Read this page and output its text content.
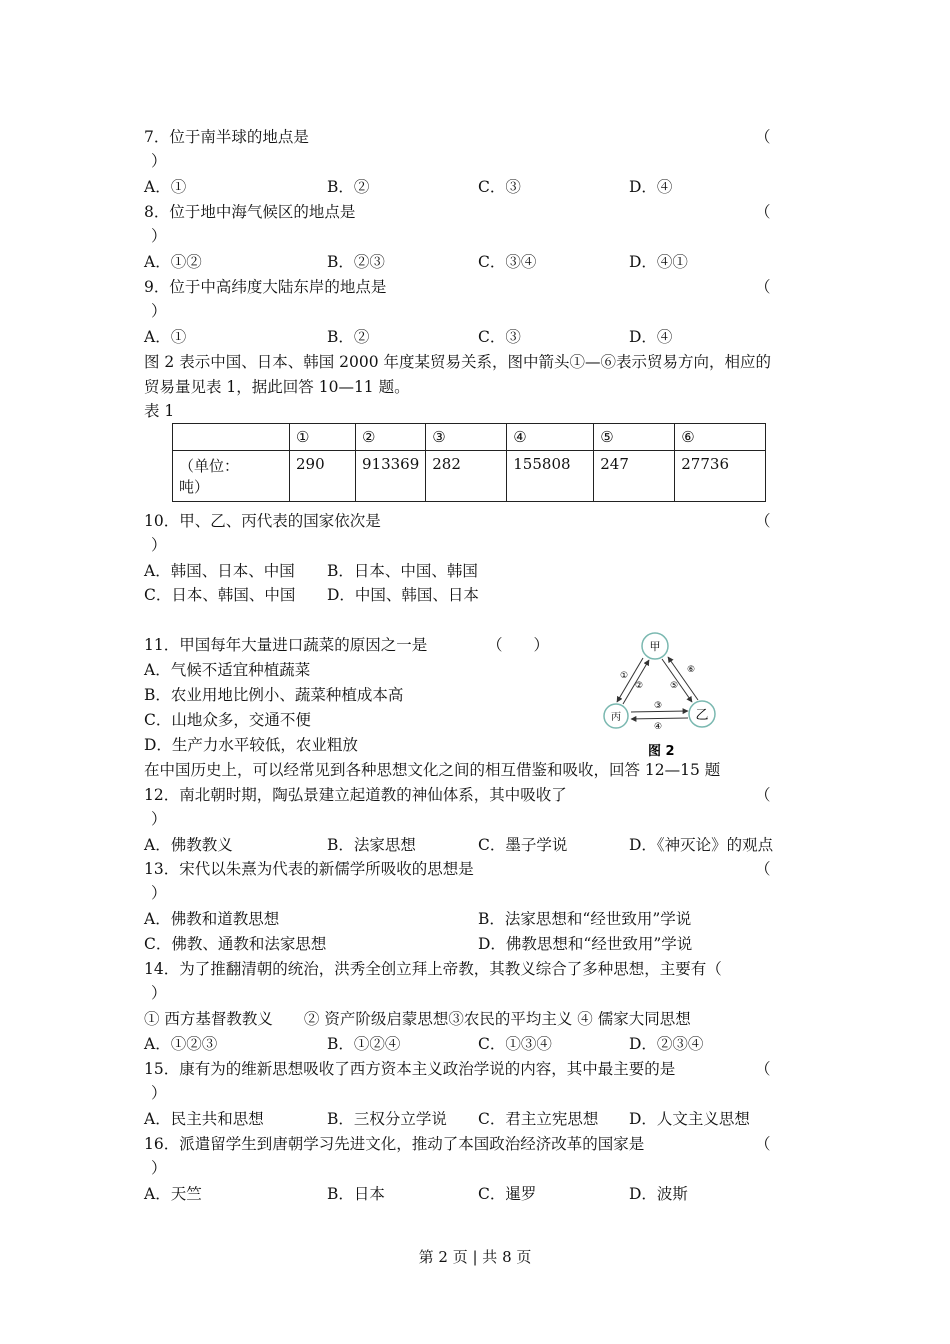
7．位于南半球的地点是	（
）
A．①	B．②	C．③	D．④
8．位于地中海气候区的地点是	（
）
A．①②	B．②③	C．③④	D．④①
9．位于中高纬度大陆东岸的地点是	（
）
A．①	B．②	C．③	D．④
图 2 表示中国、日本、韩国 2000 年度某贸易关系，图中箭头①—⑥表示贸易方向，相应的
贸易量见表 1，据此回答 10—11 题。
表 1
	①	②	③	④	⑤	⑥

（单位：
吨）	290	913369	282	155808	247	27736
10．甲、乙、丙代表的国家依次是	（
）
A．韩国、日本、中国 B．日本、中国、韩国
C．日本、韩国、中国 D．中国、韩国、日本
11．甲国每年大量进口蔬菜的原因之一是	（　　）
A．气候不适宜种植蔬菜
B．农业用地比例小、蔬菜种植成本高
C．山地众多，交通不便
D．生产力水平较低，农业粗放
甲
丙	乙
①
②
③
④
⑤
⑥
图 2
在中国历史上，可以经常见到各种思想文化之间的相互借鉴和吸收，回答 12—15 题
12．南北朝时期，陶弘景建立起道教的神仙体系，其中吸收了	（
）
A．佛教教义	B．法家思想	C．墨子学说	D．《神灭论》的观点
13．宋代以朱熹为代表的新儒学所吸收的思想是	（
）
A．佛教和道教思想	B．法家思想和“经世致用”学说
C．佛教、通教和法家思想	D．佛教思想和“经世致用”学说
14．为了推翻清朝的统治，洪秀全创立拜上帝教，其教义综合了多种思想，主要有（
）
① 西方基督教教义　　② 资产阶级启蒙思想③农民的平均主义 ④ 儒家大同思想
A．①②③	B．①②④	C．①③④	D．②③④
15．康有为的维新思想吸收了西方资本主义政治学说的内容，其中最主要的是	（
）
A．民主共和思想	B．三权分立学说 C．君主立宪思想 D．人文主义思想
16．派遣留学生到唐朝学习先进文化，推动了本国政治经济改革的国家是	（
）
A．天竺	B．日本	C．暹罗	D．波斯
第 2 页 | 共 8 页
